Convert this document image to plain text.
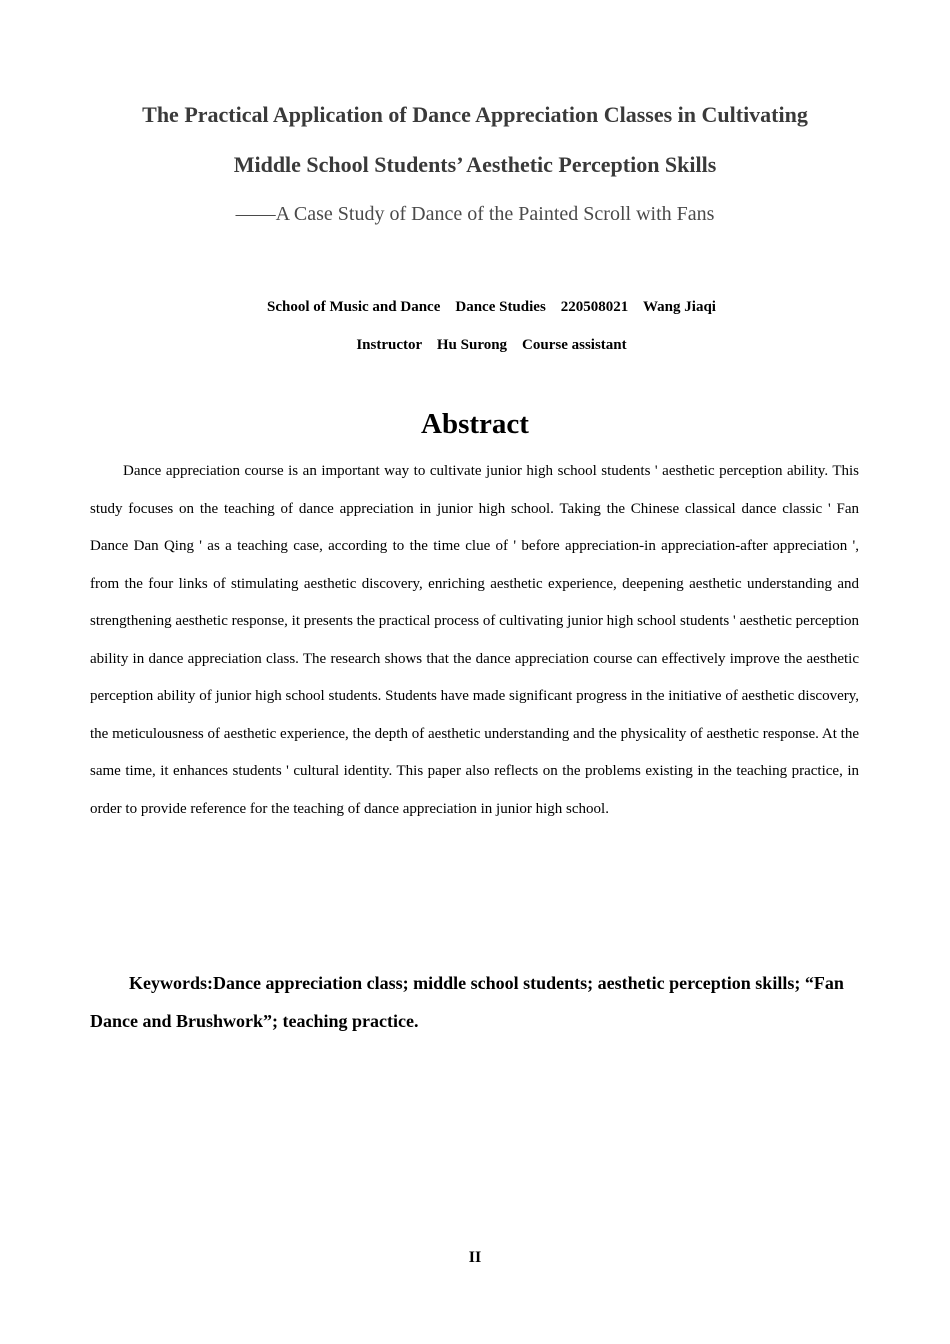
The Practical Application of Dance Appreciation Classes in Cultivating
Middle School Students’ Aesthetic Perception Skills
——A Case Study of Dance of the Painted Scroll with Fans
School of Music and Dance    Dance Studies    220508021    Wang Jiaqi
Instructor    Hu Surong    Course assistant
Abstract

Dance appreciation course is an important way to cultivate junior high school students ' aesthetic perception ability. This study focuses on the teaching of dance appreciation in junior high school. Taking the Chinese classical dance classic ' Fan Dance Dan Qing ' as a teaching case, according to the time clue of ' before appreciation-in appreciation-after appreciation ', from the four links of stimulating aesthetic discovery, enriching aesthetic experience, deepening aesthetic understanding and strengthening aesthetic response, it presents the practical process of cultivating junior high school students ' aesthetic perception ability in dance appreciation class. The research shows that the dance appreciation course can effectively improve the aesthetic perception ability of junior high school students. Students have made significant progress in the initiative of aesthetic discovery, the meticulousness of aesthetic experience, the depth of aesthetic understanding and the physicality of aesthetic response. At the same time, it enhances students ' cultural identity. This paper also reflects on the problems existing in the teaching practice, in order to provide reference for the teaching of dance appreciation in junior high school.

Keywords:Dance appreciation class; middle school students; aesthetic perception skills; “Fan Dance and Brushwork”; teaching practice.

II
